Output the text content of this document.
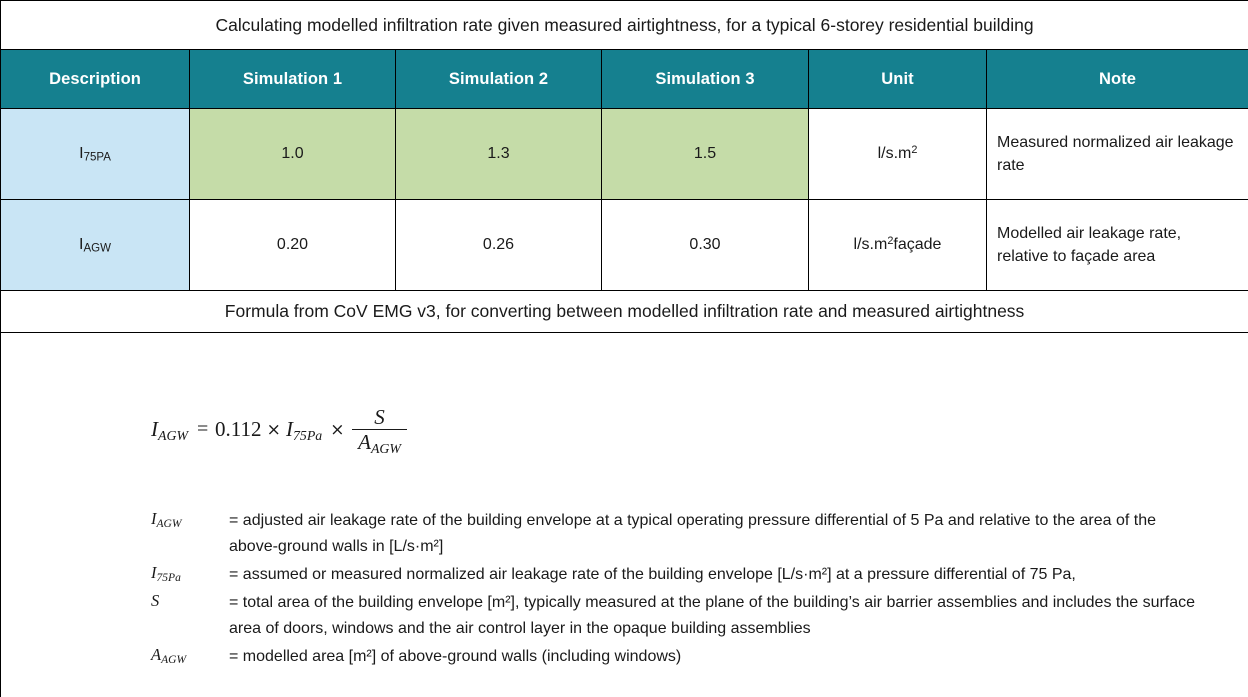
Calculating modelled infiltration rate given measured airtightness, for a typical 6-storey residential building					
Description	Simulation 1	Simulation 2	Simulation 3	Unit	Note
$I_{75PA}$	1.0	1.3	1.5	$l/s.m^2$	Measured normalized air leakage rate
$I_{AGW}$	0.20	0.26	0.30	$l/s.m^2façade$	Modelled air leakage rate, relative to façade area
Formula from CoV EMG v3, for converting between modelled infiltration rate and measured airtightness					

$I_{AGW} = 0.112 \times I_{75Pa} \times \frac{S}{A_{AGW}}$
$I_{AGW}$	= adjusted air leakage rate of the building envelope at a typical operating pressure differential of 5 Pa and relative to the area of the above-ground walls in [L/s·m²]
$I_{75Pa}$	= assumed or measured normalized air leakage rate of the building envelope [L/s·m²] at a pressure differential of 75 Pa,
S	= total area of the building envelope [m²], typically measured at the plane of the building’s air barrier assemblies and includes the surface area of doors, windows and the air control layer in the opaque building assemblies
$A_{AGW}$	= modelled area [m²] of above-ground walls (including windows)
